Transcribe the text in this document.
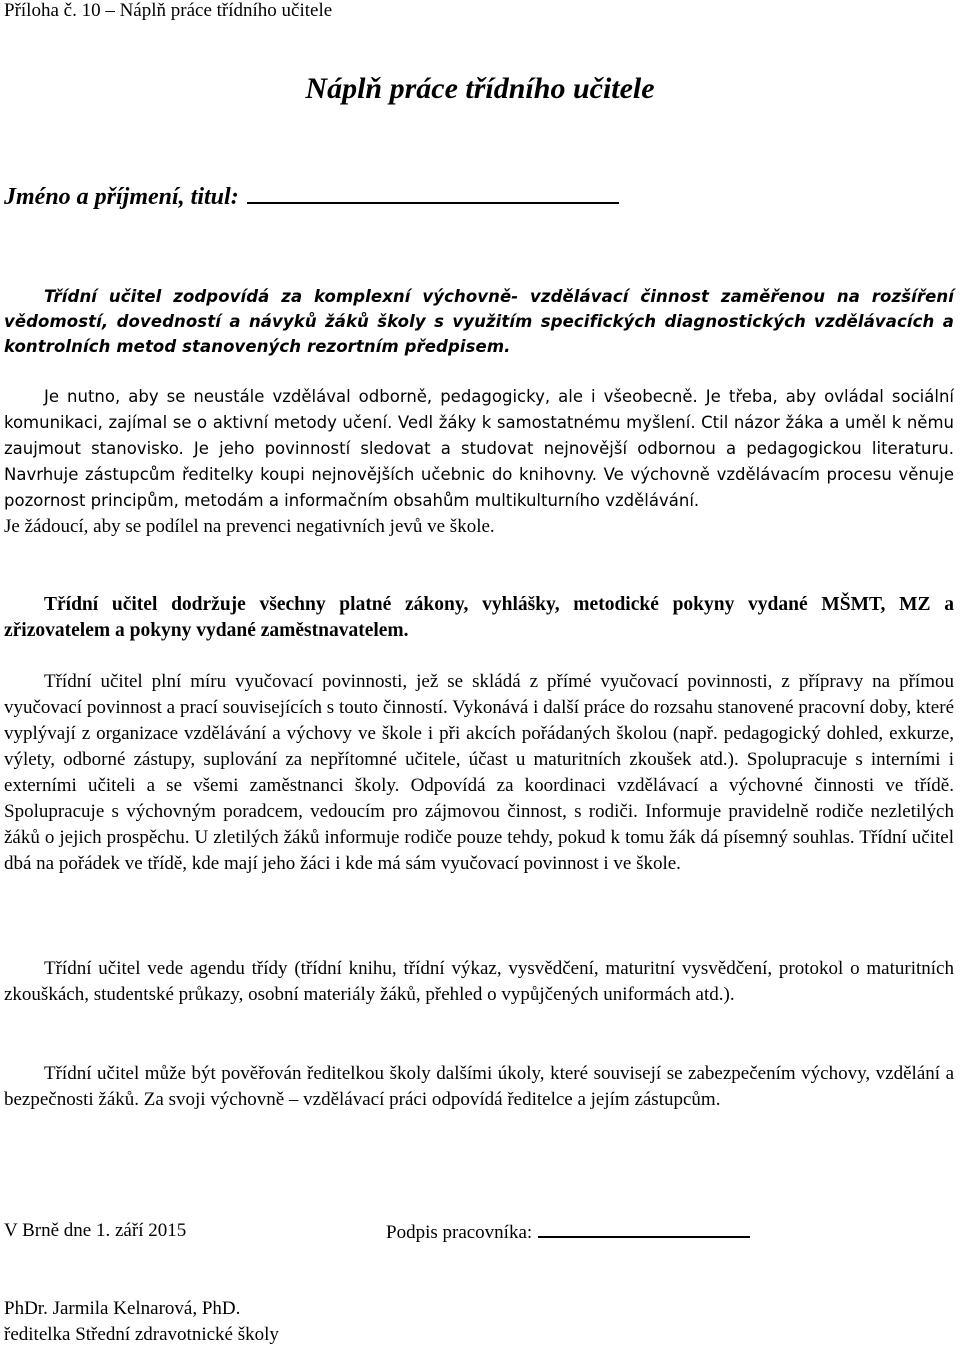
Příloha č. 10 – Náplň práce třídního učitele
Náplň práce třídního učitele
Jméno a příjmení, titul:

Třídní učitel zodpovídá za komplexní výchovně- vzdělávací činnost zaměřenou na rozšíření vědomostí, dovedností a návyků žáků školy s využitím specifických diagnostických vzdělávacích a kontrolních metod stanovených rezortním předpisem.

Je nutno, aby se neustále vzdělával odborně, pedagogicky, ale i všeobecně. Je třeba, aby ovládal sociální komunikaci, zajímal se o aktivní metody učení. Vedl žáky k samostatnému myšlení. Ctil názor žáka a uměl k němu zaujmout stanovisko. Je jeho povinností sledovat a studovat nejnovější odbornou a pedagogickou literaturu. Navrhuje zástupcům ředitelky koupi nejnovějších učebnic do knihovny. Ve výchovně vzdělávacím procesu věnuje pozornost principům, metodám a informačním obsahům multikulturního vzdělávání.
Je žádoucí, aby se podílel na prevenci negativních jevů ve škole.

Třídní učitel dodržuje všechny platné zákony, vyhlášky, metodické pokyny vydané MŠMT, MZ a zřizovatelem a pokyny vydané zaměstnavatelem.

Třídní učitel plní míru vyučovací povinnosti, jež se skládá z přímé vyučovací povinnosti, z přípravy na přímou vyučovací povinnost a prací souvisejících s touto činností. Vykonává i další práce do rozsahu stanovené pracovní doby, které vyplývají z organizace vzdělávání a výchovy ve škole i při akcích pořádaných školou (např. pedagogický dohled, exkurze, výlety, odborné zástupy, suplování za nepřítomné učitele, účast u maturitních zkoušek atd.). Spolupracuje s interními i externími učiteli a se všemi zaměstnanci školy. Odpovídá za koordinaci vzdělávací a výchovné činnosti ve třídě. Spolupracuje s výchovným poradcem, vedoucím pro zájmovou činnost, s rodiči. Informuje pravidelně rodiče nezletilých žáků o jejich prospěchu. U zletilých žáků informuje rodiče pouze tehdy, pokud k tomu žák dá písemný souhlas. Třídní učitel dbá na pořádek ve třídě, kde mají jeho žáci i kde má sám vyučovací povinnost i ve škole.

Třídní učitel vede agendu třídy (třídní knihu, třídní výkaz, vysvědčení, maturitní vysvědčení, protokol o maturitních zkouškách, studentské průkazy, osobní materiály žáků, přehled o vypůjčených uniformách atd.).

Třídní učitel může být pověřován ředitelkou školy dalšími úkoly, které souvisejí se zabezpečením výchovy, vzdělání a bezpečnosti žáků. Za svoji výchovně – vzdělávací práci odpovídá ředitelce a jejím zástupcům.

V Brně dne 1. září 2015	Podpis pracovníka:
PhDr. Jarmila Kelnarová, PhD.
ředitelka Střední zdravotnické školy
